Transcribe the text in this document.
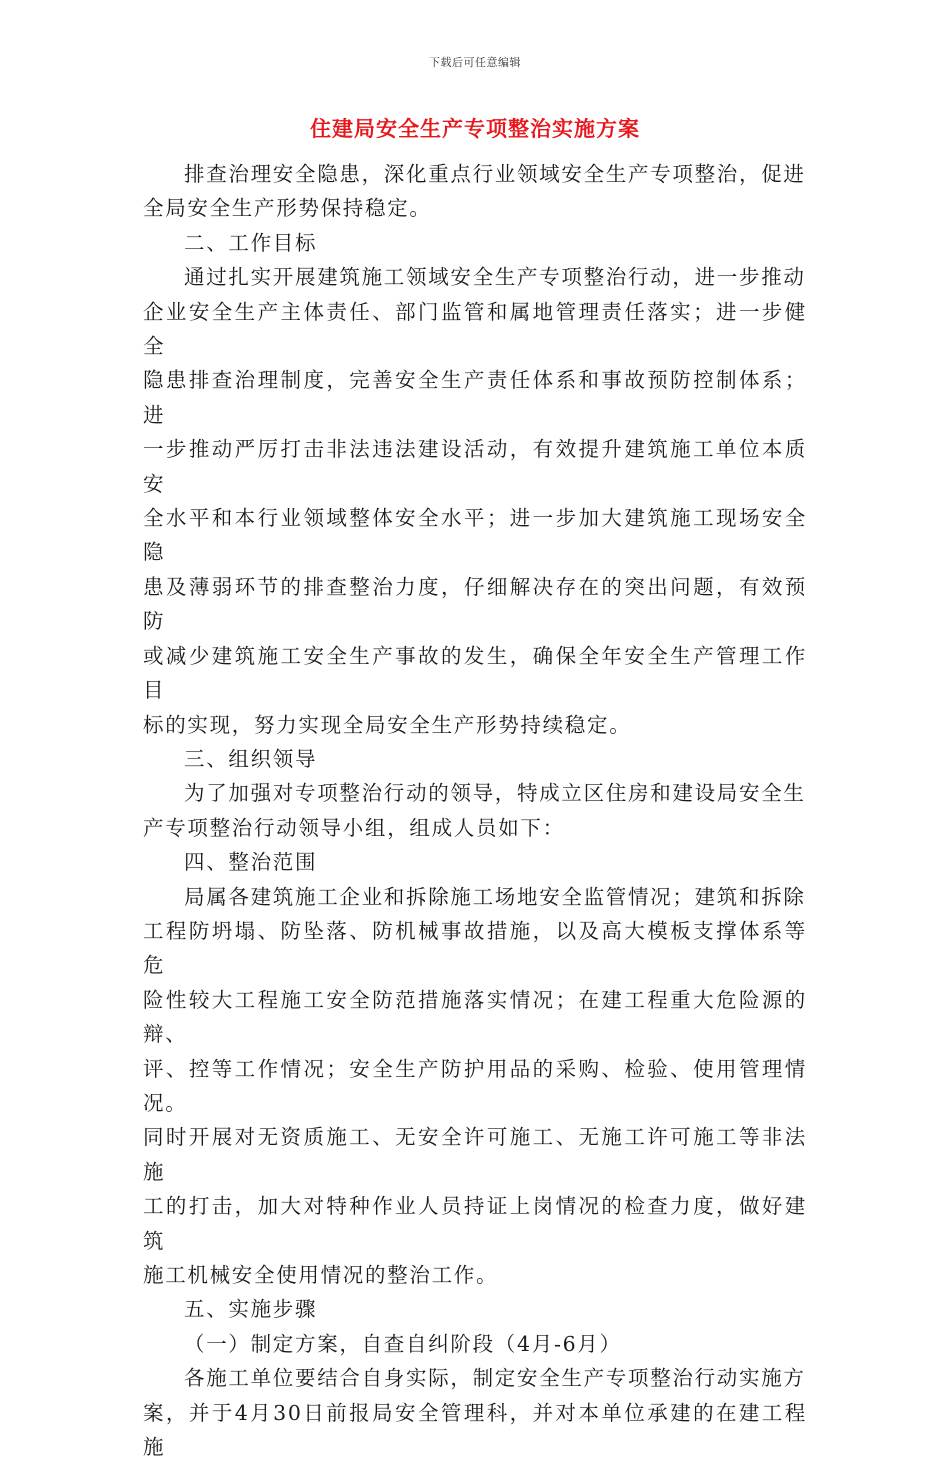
下载后可任意编辑
住建局安全生产专项整治实施方案

排查治理安全隐患，深化重点行业领域安全生产专项整治，促进
全局安全生产形势保持稳定。

二、工作目标

通过扎实开展建筑施工领域安全生产专项整治行动，进一步推动
企业安全生产主体责任、部门监管和属地管理责任落实；进一步健全
隐患排查治理制度，完善安全生产责任体系和事故预防控制体系；进
一步推动严厉打击非法违法建设活动，有效提升建筑施工单位本质安
全水平和本行业领域整体安全水平；进一步加大建筑施工现场安全隐
患及薄弱环节的排查整治力度，仔细解决存在的突出问题，有效预防
或减少建筑施工安全生产事故的发生，确保全年安全生产管理工作目
标的实现，努力实现全局安全生产形势持续稳定。

三、组织领导

为了加强对专项整治行动的领导，特成立区住房和建设局安全生
产专项整治行动领导小组，组成人员如下：

四、整治范围

局属各建筑施工企业和拆除施工场地安全监管情况；建筑和拆除
工程防坍塌、防坠落、防机械事故措施，以及高大模板支撑体系等危
险性较大工程施工安全防范措施落实情况；在建工程重大危险源的辩、
评、控等工作情况；安全生产防护用品的采购、检验、使用管理情况。
同时开展对无资质施工、无安全许可施工、无施工许可施工等非法施
工的打击，加大对特种作业人员持证上岗情况的检查力度，做好建筑
施工机械安全使用情况的整治工作。

五、实施步骤

（一）制定方案，自查自纠阶段（4月-6月）

各施工单位要结合自身实际，制定安全生产专项整治行动实施方
案，并于4月30日前报局安全管理科，并对本单位承建的在建工程施
